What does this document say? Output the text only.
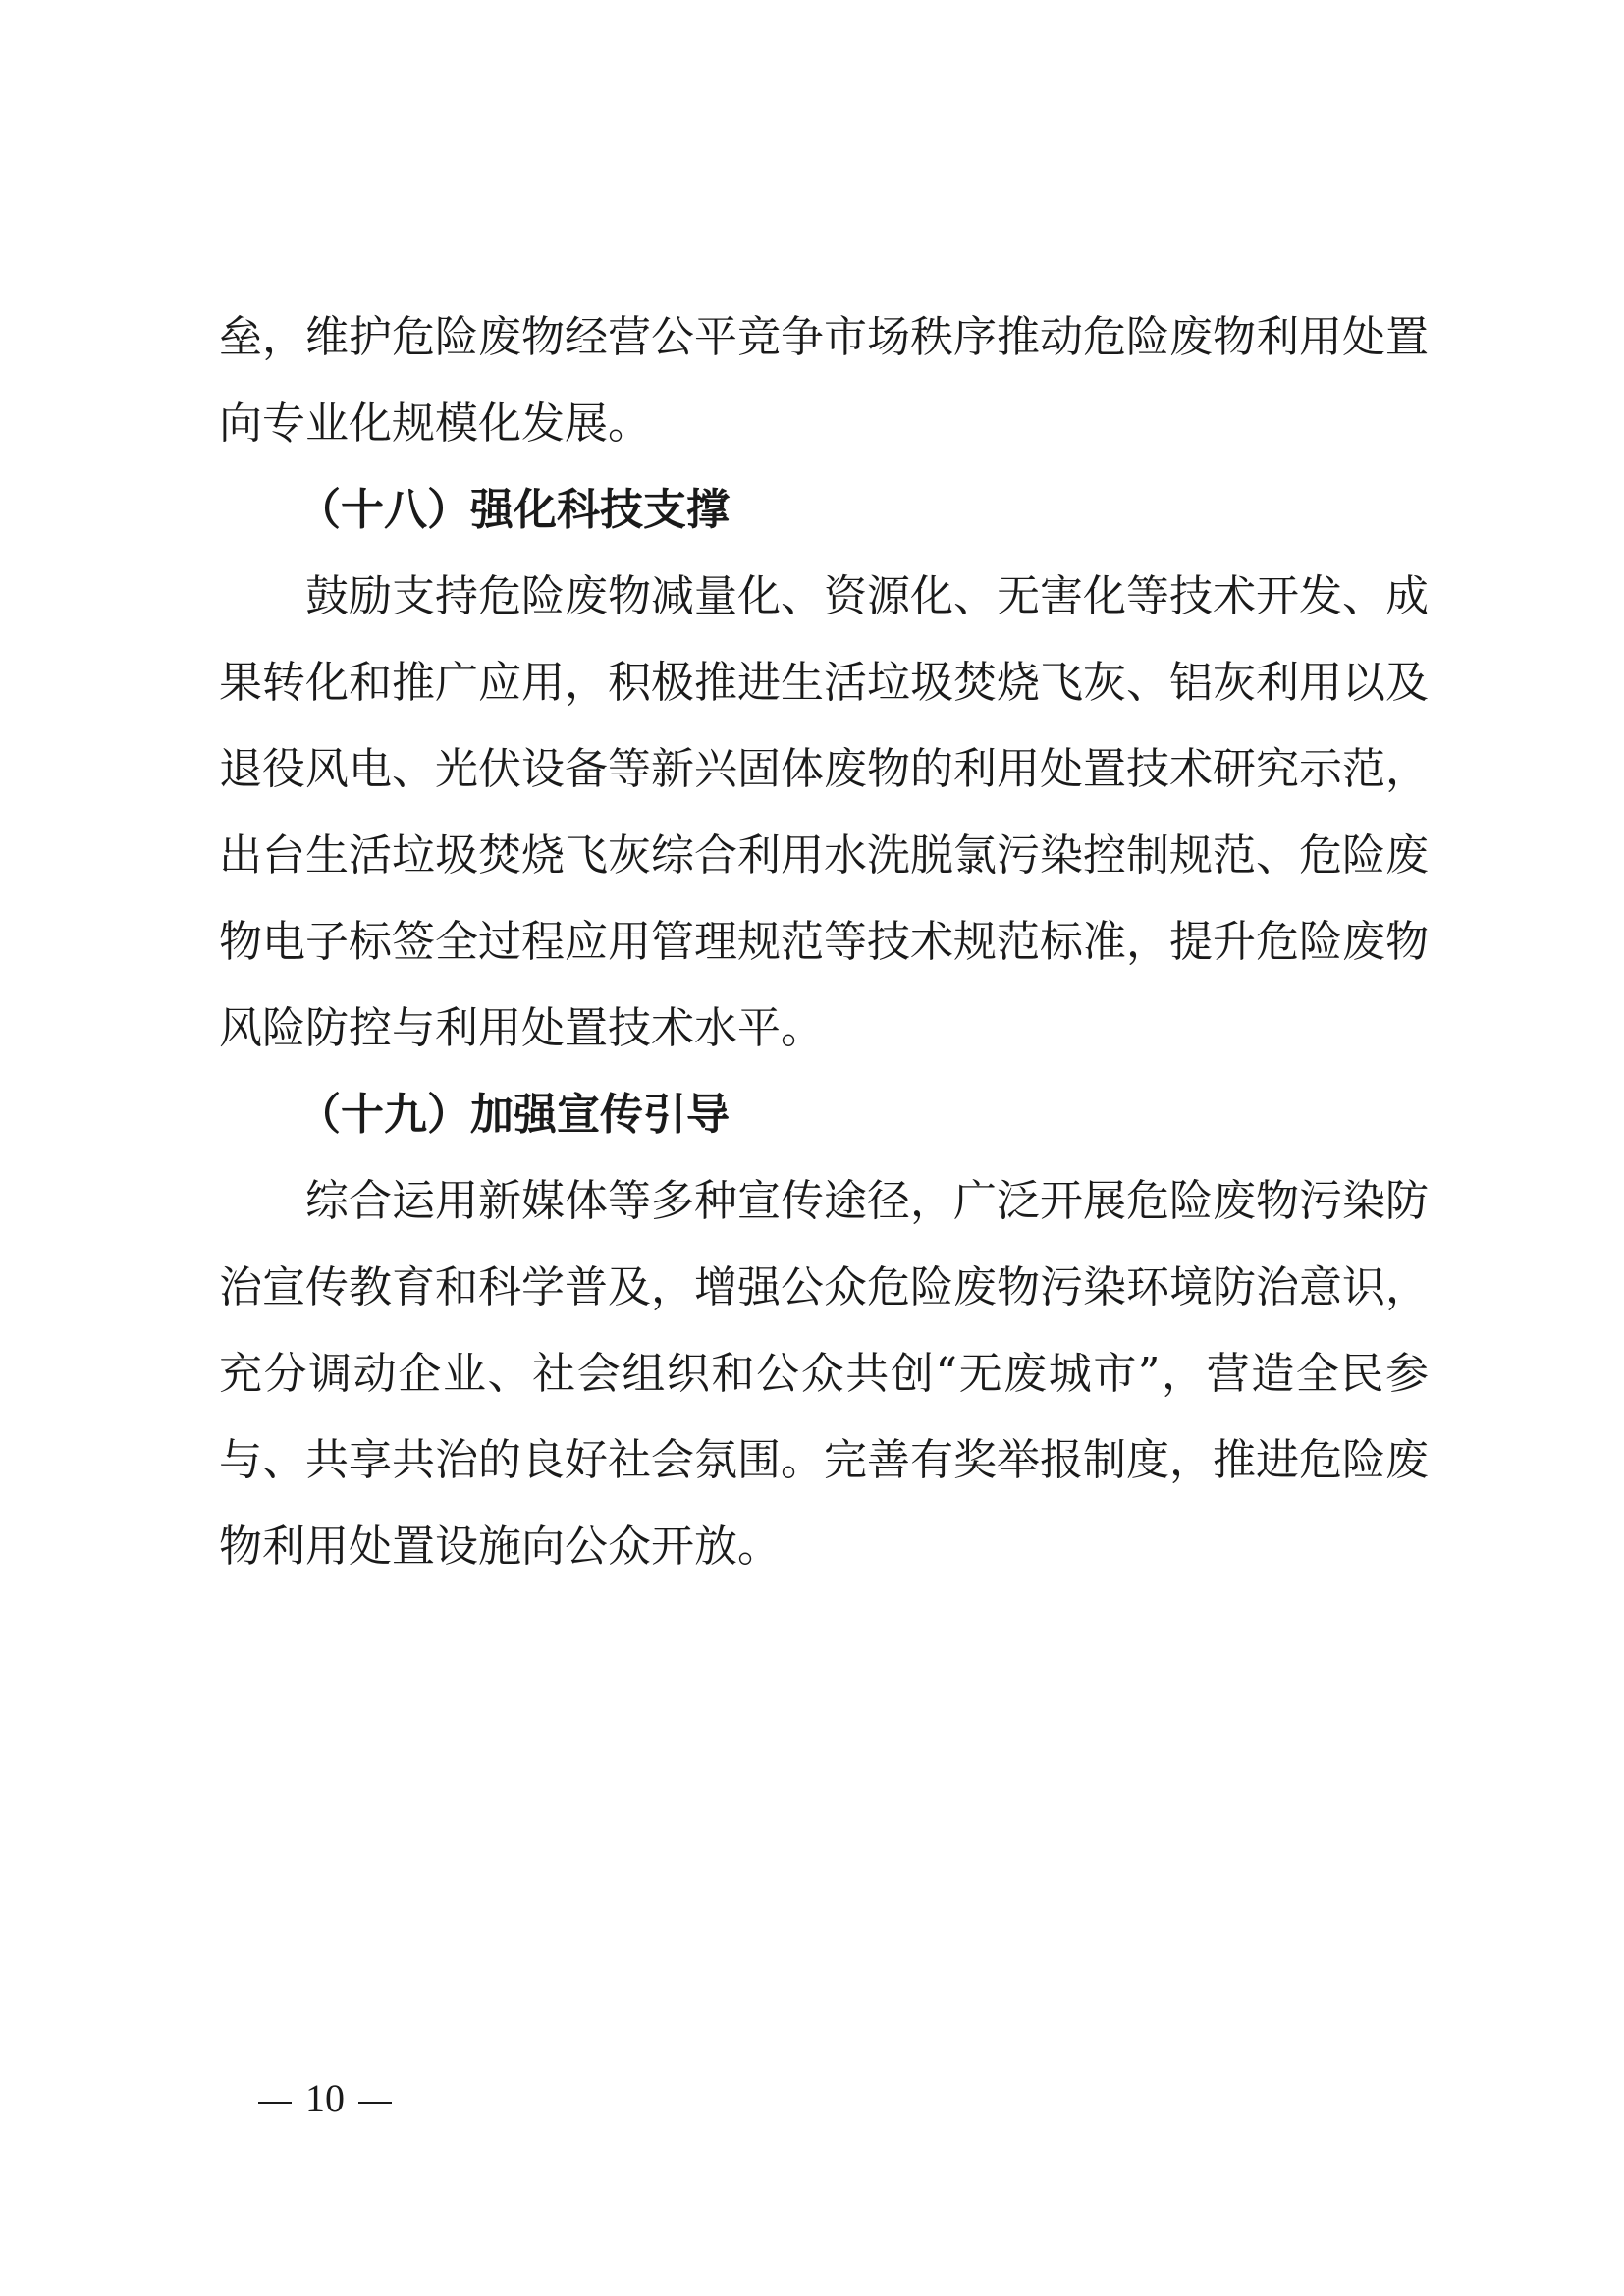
垒，维护危险废物经营公平竞争市场秩序推动危险废物利用处置
向专业化规模化发展。
（十八）强化科技支撑
鼓励支持危险废物减量化、资源化、无害化等技术开发、成
果转化和推广应用，积极推进生活垃圾焚烧飞灰、铝灰利用以及
退役风电、光伏设备等新兴固体废物的利用处置技术研究示范，
出台生活垃圾焚烧飞灰综合利用水洗脱氯污染控制规范、危险废
物电子标签全过程应用管理规范等技术规范标准，提升危险废物
风险防控与利用处置技术水平。
（十九）加强宣传引导
综合运用新媒体等多种宣传途径，广泛开展危险废物污染防
治宣传教育和科学普及，增强公众危险废物污染环境防治意识，
充分调动企业、社会组织和公众共创“无废城市”，营造全民参
与、共享共治的良好社会氛围。完善有奖举报制度，推进危险废
物利用处置设施向公众开放。
10
